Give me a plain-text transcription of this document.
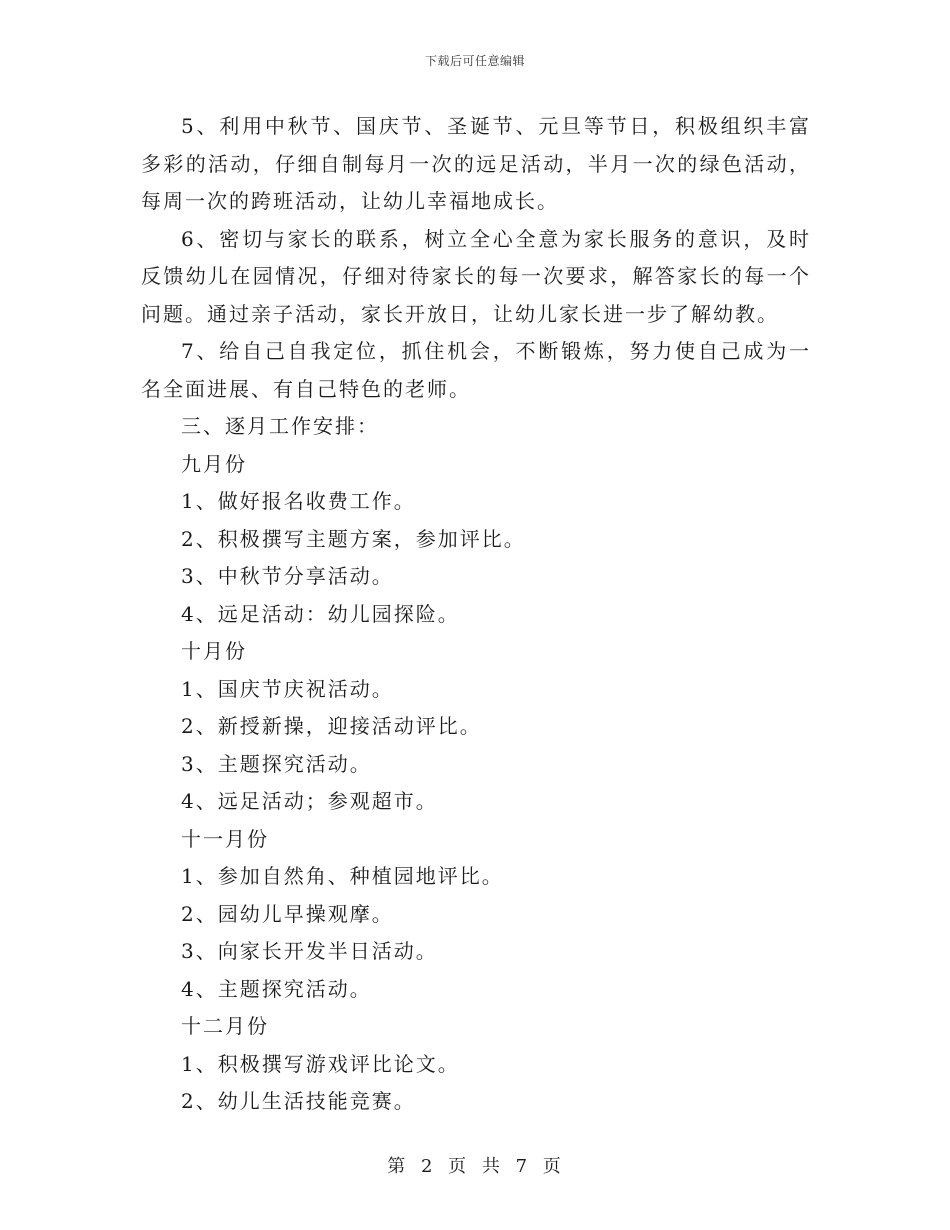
下载后可任意编辑

5、利用中秋节、国庆节、圣诞节、元旦等节日，积极组织丰富多彩的活动，仔细自制每月一次的远足活动，半月一次的绿色活动，每周一次的跨班活动，让幼儿幸福地成长。

6、密切与家长的联系，树立全心全意为家长服务的意识，及时反馈幼儿在园情况，仔细对待家长的每一次要求，解答家长的每一个问题。通过亲子活动，家长开放日，让幼儿家长进一步了解幼教。

7、给自己自我定位，抓住机会，不断锻炼，努力使自己成为一名全面进展、有自己特色的老师。

三、逐月工作安排：

九月份

1、做好报名收费工作。

2、积极撰写主题方案，参加评比。

3、中秋节分享活动。

4、远足活动：幼儿园探险。

十月份

1、国庆节庆祝活动。

2、新授新操，迎接活动评比。

3、主题探究活动。

4、远足活动；参观超市。

十一月份

1、参加自然角、种植园地评比。

2、园幼儿早操观摩。

3、向家长开发半日活动。

4、主题探究活动。

十二月份

1、积极撰写游戏评比论文。

2、幼儿生活技能竞赛。

第 2 页 共 7 页
